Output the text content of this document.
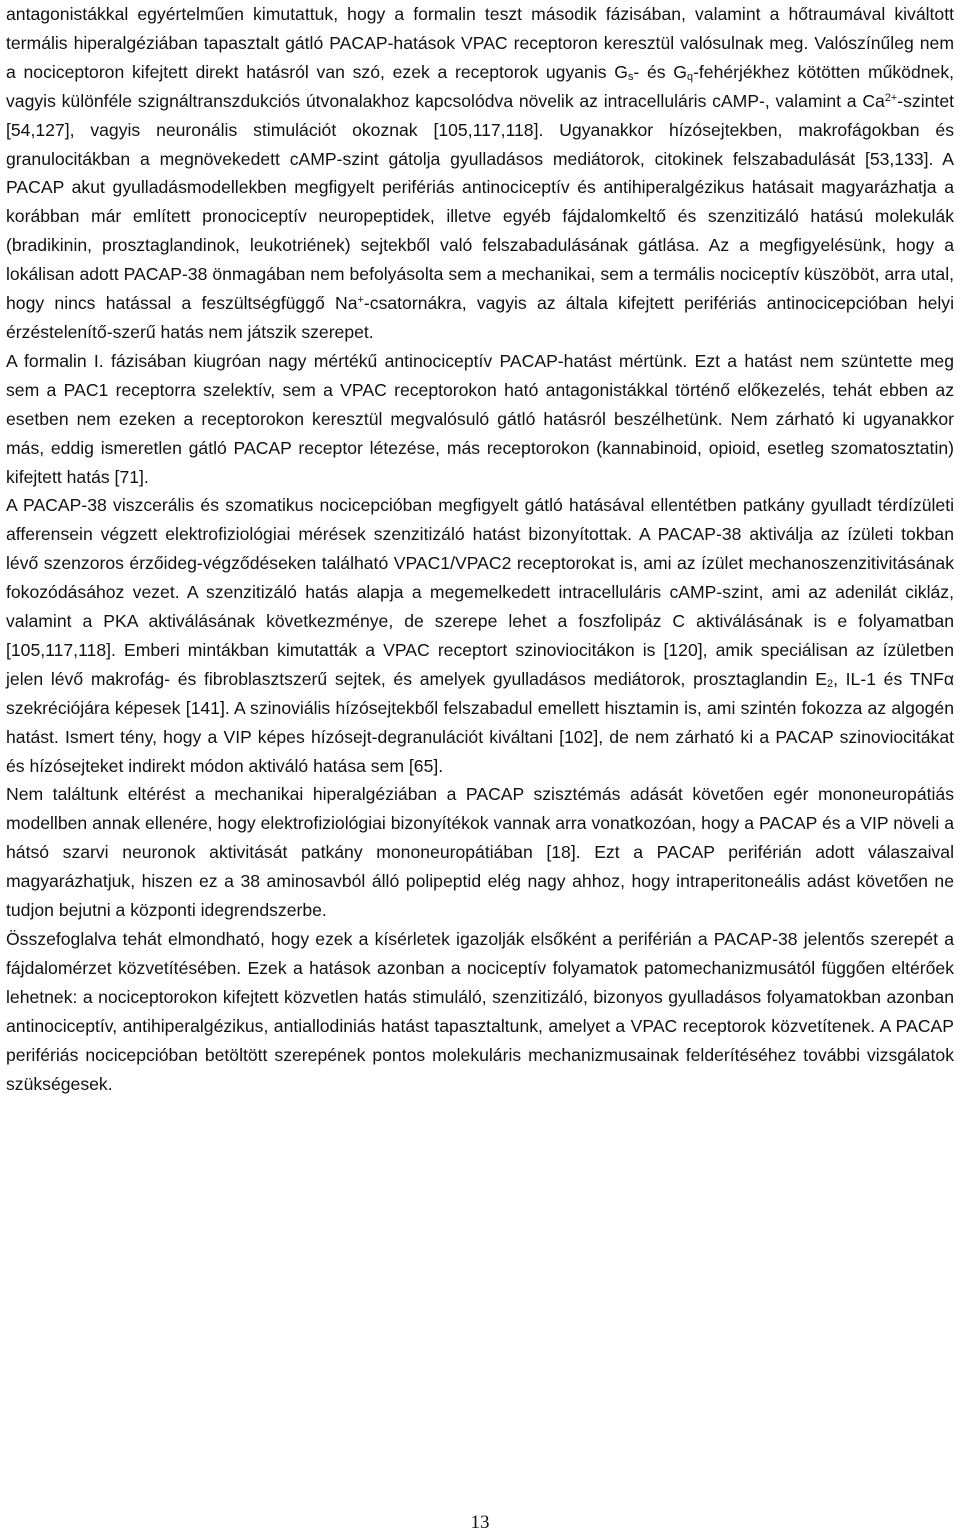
antagonistákkal egyértelműen kimutattuk, hogy a formalin teszt második fázisában, valamint a hőtraumával kiváltott termális hiperalgéziában tapasztalt gátló PACAP-hatások VPAC receptoron keresztül valósulnak meg. Valószínűleg nem a nociceptoron kifejtett direkt hatásról van szó, ezek a receptorok ugyanis $G_s-$ és $G_q$-fehérjékhez kötötten működnek, vagyis különféle szignáltranszdukciós útvonalakhoz kapcsolódva növelik az intracelluláris cAMP-, valamint a $Ca^{2+}$-szintet [54,127], vagyis neuronális stimulációt okoznak [105,117,118]. Ugyanakkor hízósejtekben, makrofágokban és granulocitákban a megnövekedett cAMP-szint gátolja gyulladásos mediátorok, citokinek felszabadulását [53,133]. A PACAP akut gyulladásmodellekben megfigyelt perifériás antinociceptív és antihiperalgézikus hatásait magyarázhatja a korábban már említett pronociceptív neuropeptidek, illetve egyéb fájdalomkeltő és szenzitizáló hatású molekulák (bradikinin, prosztaglandinok, leukotriének) sejtekből való felszabadulásának gátlása. Az a megfigyelésünk, hogy a lokálisan adott PACAP-38 önmagában nem befolyásolta sem a mechanikai, sem a termális nociceptív küszöböt, arra utal, hogy nincs hatással a feszültségfüggő Na+-csatornákra, vagyis az általa kifejtett perifériás antinocicepcióban helyi érzéstelenítő-szerű hatás nem játszik szerepet.

A formalin I. fázisában kiugróan nagy mértékű antinociceptív PACAP-hatást mértünk. Ezt a hatást nem szüntette meg sem a PAC1 receptorra szelektív, sem a VPAC receptorokon ható antagonistákkal történő előkezelés, tehát ebben az esetben nem ezeken a receptorokon keresztül megvalósuló gátló hatásról beszélhetünk. Nem zárható ki ugyanakkor más, eddig ismeretlen gátló PACAP receptor létezése, más receptorokon (kannabinoid, opioid, esetleg szomatosztatin) kifejtett hatás [71].

A PACAP-38 viszcerális és szomatikus nocicepcióban megfigyelt gátló hatásával ellentétben patkány gyulladt térdízületi afferensein végzett elektrofiziológiai mérések szenzitizáló hatást bizonyítottak. A PACAP-38 aktiválja az ízületi tokban lévő szenzoros érzőideg-végződéseken található VPAC1/VPAC2 receptorokat is, ami az ízület mechanoszenzitivitásának fokozódásához vezet. A szenzitizáló hatás alapja a megemelkedett intracelluláris cAMP-szint, ami az adenilát cikláz, valamint a PKA aktiválásának következménye, de szerepe lehet a foszfolipáz C aktiválásának is e folyamatban [105,117,118]. Emberi mintákban kimutatták a VPAC receptort szinoviocitákon is [120], amik speciálisan az ízületben jelen lévő makrofág- és fibroblasztszerű sejtek, és amelyek gyulladásos mediátorok, prosztaglandin $E_2$, IL-1 és TNFα szekréciójára képesek [141]. A szinoviális hízósejtekből felszabadul emellett hisztamin is, ami szintén fokozza az algogén hatást. Ismert tény, hogy a VIP képes hízósejt-degranulációt kiváltani [102], de nem zárható ki a PACAP szinoviocitákat és hízósejteket indirekt módon aktiváló hatása sem [65].

Nem találtunk eltérést a mechanikai hiperalgéziában a PACAP szisztémás adását követően egér mononeuropátiás modellben annak ellenére, hogy elektrofiziológiai bizonyítékok vannak arra vonatkozóan, hogy a PACAP és a VIP növeli a hátsó szarvi neuronok aktivitását patkány mononeuropátiában [18]. Ezt a PACAP periférián adott válaszaival magyarázhatjuk, hiszen ez a 38 aminosavból álló polipeptid elég nagy ahhoz, hogy intraperitoneális adást követően ne tudjon bejutni a központi idegrendszerbe.

Összefoglalva tehát elmondható, hogy ezek a kísérletek igazolják elsőként a periférián a PACAP-38 jelentős szerepét a fájdalomérzet közvetítésében. Ezek a hatások azonban a nociceptív folyamatok patomechanizmusától függően eltérőek lehetnek: a nociceptorokon kifejtett közvetlen hatás stimuláló, szenzitizáló, bizonyos gyulladásos folyamatokban azonban antinociceptív, antihiperalgézikus, antiallodiniás hatást tapasztaltunk, amelyet a VPAC receptorok közvetítenek. A PACAP perifériás nocicepcióban betöltött szerepének pontos molekuláris mechanizmusainak felderítéséhez további vizsgálatok szükségesek.

13
